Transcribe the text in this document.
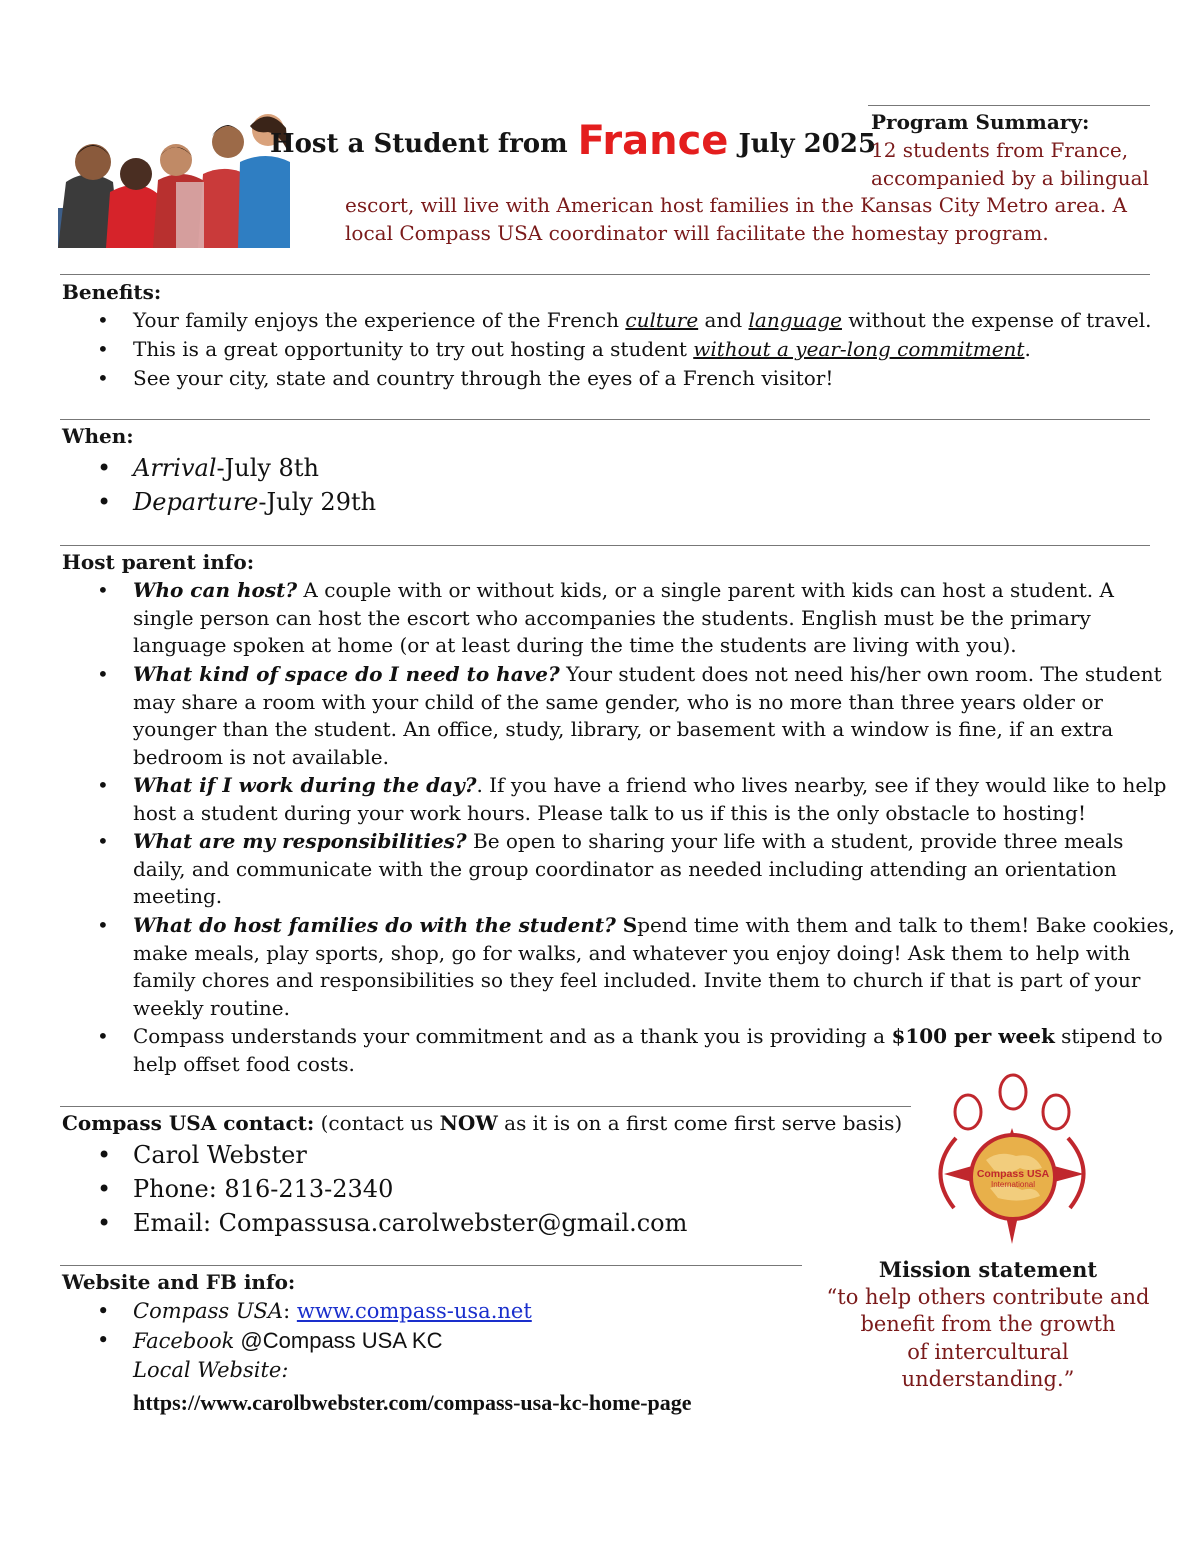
Host a Student from France July 2025
Program Summary:
12 students from France,
accompanied by a bilingual
escort, will live with American host families in the Kansas City Metro area. A
local Compass USA coordinator will facilitate the homestay program.
Benefits:
• Your family enjoys the experience of the French culture and language without the expense of travel.
• This is a great opportunity to try out hosting a student without a year-long commitment.
• See your city, state and country through the eyes of a French visitor!
When:
• Arrival-July 8th
• Departure-July 29th
Host parent info:
• Who can host? A couple with or without kids, or a single parent with kids can host a student. A single person can host the escort who accompanies the students. English must be the primary language spoken at home (or at least during the time the students are living with you).
• What kind of space do I need to have? Your student does not need his/her own room. The student may share a room with your child of the same gender, who is no more than three years older or younger than the student. An office, study, library, or basement with a window is fine, if an extra bedroom is not available.
• What if I work during the day?. If you have a friend who lives nearby, see if they would like to help host a student during your work hours. Please talk to us if this is the only obstacle to hosting!
• What are my responsibilities? Be open to sharing your life with a student, provide three meals daily, and communicate with the group coordinator as needed including attending an orientation meeting.
• What do host families do with the student? Spend time with them and talk to them! Bake cookies, make meals, play sports, shop, go for walks, and whatever you enjoy doing! Ask them to help with family chores and responsibilities so they feel included. Invite them to church if that is part of your weekly routine.
• Compass understands your commitment and as a thank you is providing a $100 per week stipend to help offset food costs.
Compass USA contact: (contact us NOW as it is on a first come first serve basis)
• Carol Webster
• Phone: 816-213-2340
• Email: Compassusa.carolwebster@gmail.com
Website and FB info:
• Compass USA: www.compass-usa.net
• Facebook @Compass USA KC
Local Website:
https://www.carolbwebster.com/compass-usa-kc-home-page
Compass USA
International
Mission statement
“to help others contribute and
benefit from the growth
of intercultural understanding.”
